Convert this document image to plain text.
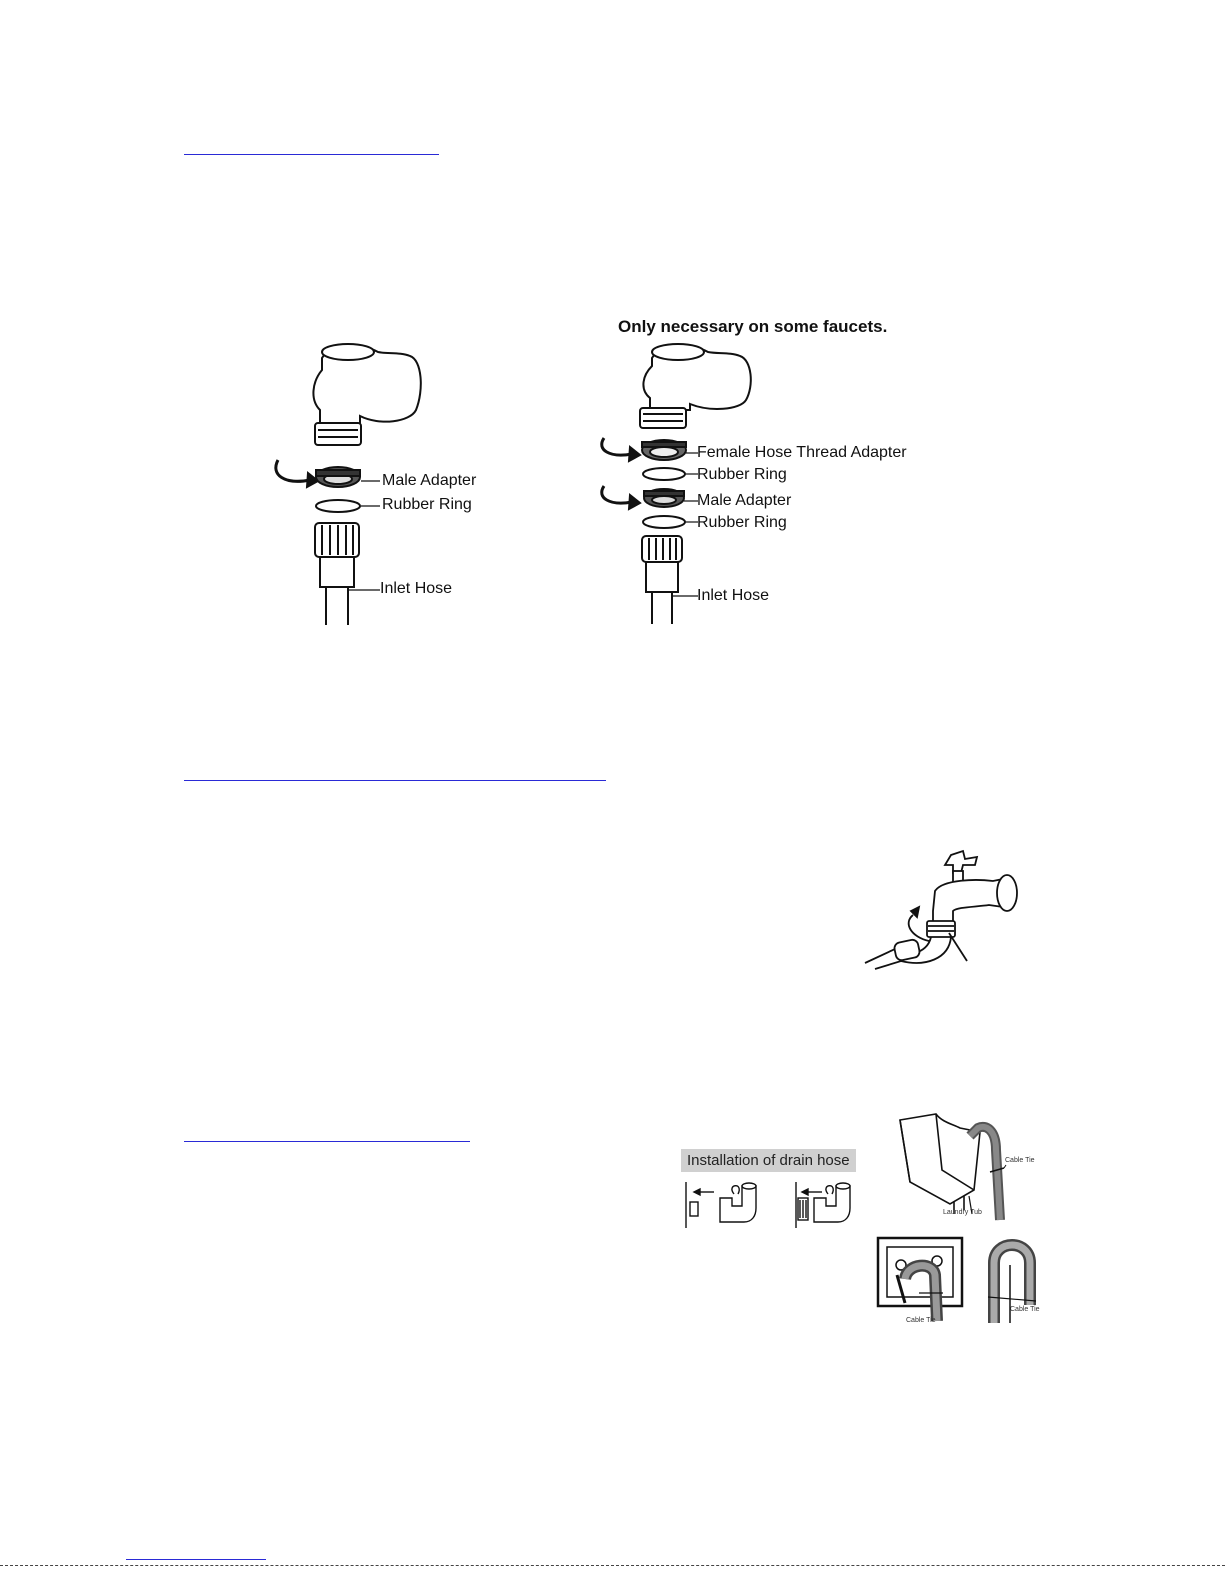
Male Adapter
Rubber Ring
Inlet Hose
Only necessary on some faucets.
Female Hose Thread Adapter
Rubber Ring
Male Adapter
Rubber Ring
Inlet Hose
Installation of drain hose	Cable Tie
Laundry Tub
Cable Tie
Cable Tie
